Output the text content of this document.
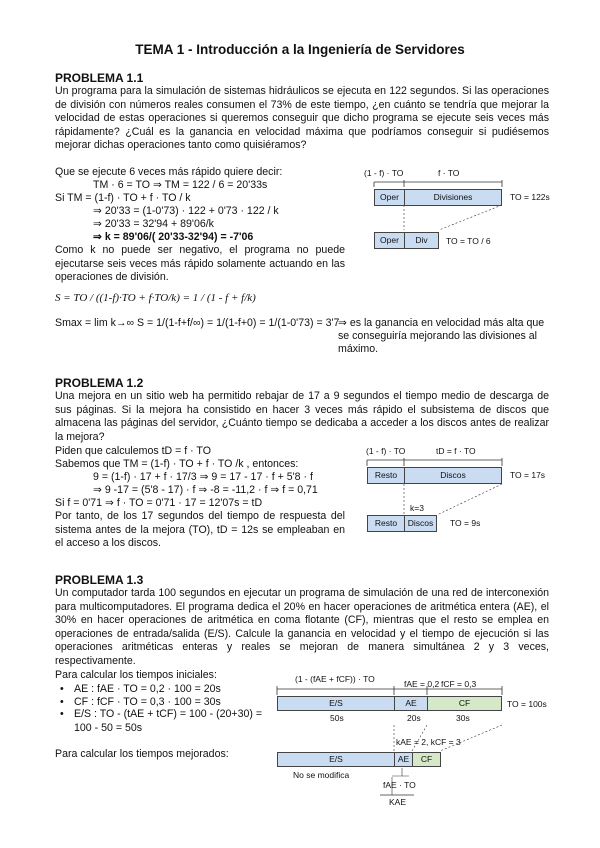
TEMA 1 - Introducción a la Ingeniería de Servidores
PROBLEMA 1.1

Un programa para la simulación de sistemas hidráulicos se ejecuta en 122 segundos. Si las operaciones de división con números reales consumen el 73% de este tiempo, ¿en cuánto se tendría que mejorar la velocidad de estas operaciones si queremos conseguir que dicho programa se ejecute seis veces más rápidamente? ¿Cuál es la ganancia en velocidad máxima que podríamos conseguir si pudiésemos mejorar dichas operaciones tanto como quisiéramos?

Que se ejecute 6 veces más rápido quiere decir:
TM · 6 = TO ⇒ TM = 122 / 6 = 20'33s
Si TM = (1-f) · TO + f · TO / k
⇒ 20'33 = (1-0'73) · 122 + 0'73 · 122 / k
⇒ 20'33 = 32'94 + 89'06/k
⇒ k = 89'06/( 20'33-32'94) = -7'06

Como k no puede ser negativo, el programa no puede ejecutarse seis veces más rápido solamente actuando en las operaciones de división.

S = TO / ((1-f)·TO + f·TO/k) = 1 / (1 - f + f/k)
Smax = lim k→∞ S = 1/(1-f+f/∞) = 1/(1-f+0) = 1/(1-0'73) = 3'7
⇒ es la ganancia en velocidad más alta que se conseguiría mejorando las divisiones al máximo.
(1 - f) · TO	f · TO
Oper	Divisiones	TO = 122s
Oper	Div	TO = TO / 6
PROBLEMA 1.2

Una mejora en un sitio web ha permitido rebajar de 17 a 9 segundos el tiempo medio de descarga de sus páginas. Si la mejora ha consistido en hacer 3 veces más rápido el subsistema de discos que almacena las páginas del servidor, ¿Cuánto tiempo se dedicaba a acceder a los discos antes de realizar la mejora?

Piden que calculemos tD = f · TO
Sabemos que TM = (1-f) · TO + f · TO /k , entonces:
9 = (1-f) · 17 + f · 17/3 ⇒ 9 = 17 - 17 · f + 5'8 · f
⇒ 9 -17 = (5'8 - 17) · f ⇒ -8 = -11,2 · f ⇒ f = 0,71
Si f = 0'71 ⇒ f · TO = 0'71 · 17 = 12'07s = tD

Por tanto, de los 17 segundos del tiempo de respuesta del sistema antes de la mejora (TO), tD = 12s se empleaban en el acceso a los discos.

(1 - f) · TO	tD = f · TO
Resto	Discos	TO = 17s
k=3
Resto	Discos	TO = 9s
PROBLEMA 1.3

Un computador tarda 100 segundos en ejecutar un programa de simulación de una red de interconexión para multicomputadores. El programa dedica el 20% en hacer operaciones de aritmética entera (AE), el 30% en hacer operaciones de aritmética en coma flotante (CF), mientras que el resto se emplea en operaciones de entrada/salida (E/S). Calcule la ganancia en velocidad y el tiempo de ejecución si las operaciones aritméticas enteras y reales se mejoran de manera simultánea 2 y 3 veces, respectivamente.

Para calcular los tiempos iniciales:
• AE : fAE · TO = 0,2 · 100 = 20s
• CF : fCF · TO = 0,3 · 100 = 30s
• E/S : TO - (tAE + tCF) = 100 - (20+30) =
100 - 50 = 50s
Para calcular los tiempos mejorados:
(1 - (fAE + fCF)) · TO	fAE = 0,2 fCF = 0,3
E/S	AE	CF	TO = 100s
50s	20s	30s
kAE = 2, kCF = 3
E/S	AE	CF
No se modifica
fAE · TO
KAE
